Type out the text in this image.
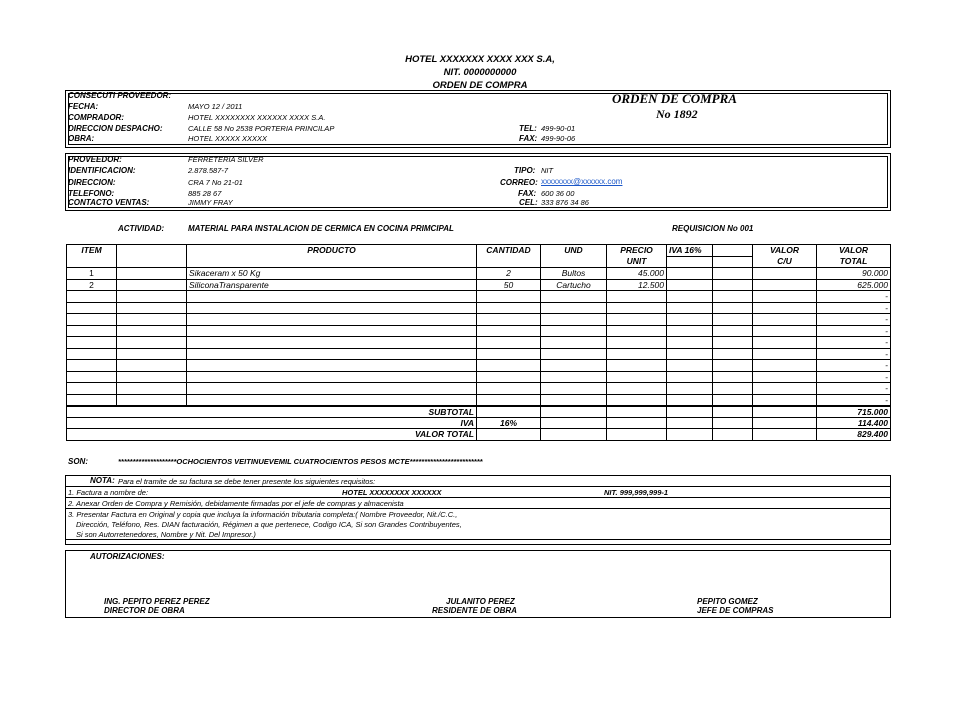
HOTEL XXXXXXX XXXX XXX S.A,
NIT. 0000000000
ORDEN DE COMPRA
CONSECUTI PROVEEDOR:
FECHA:	MAYO 12 / 2011
COMPRADOR:	HOTEL XXXXXXXX XXXXXX XXXX S.A.
DIRECCION DESPACHO:	CALLE 58 No 2538 PORTERIA PRINCILAP
OBRA:	HOTEL XXXXX XXXXX
TEL: 499-90-01
FAX: 499-90-06
ORDEN DE COMPRA
No 1892
PROVEEDOR:	FERRETERIA SILVER
IDENTIFICACION:	2.878.587-7
DIRECCION:	CRA 7 No 21-01
TELEFONO:	885 28 67
CONTACTO VENTAS:	JIMMY FRAY
TIPO: NIT
CORREO: xxxxxxxx@xxxxxx.com
FAX: 600 36 00
CEL: 333 876 34 86
ACTIVIDAD:	MATERIAL PARA INSTALACION DE CERMICA EN COCINA PRIMCIPAL	REQUISICION No 001
ITEM		PRODUCTO	CANTIDAD	UND	PRECIO	IVA 16%		VALOR	VALOR
					UNIT			C/U	TOTAL
1		Sikaceram x 50 Kg	2	Bultos	45.000				90.000
2		SiliconaTransparente	50	Cartucho	12.500				625.000
									-
									-
									-
									-
									-
									-
									-
									-
									-
									-
		SUBTOTAL							715.000
		IVA	16%						114.400
		VALOR TOTAL							829.400
SON:	********************OCHOCIENTOS VEITINUEVEMIL CUATROCIENTOS PESOS MCTE*************************
NOTA: Para el tramite de su factura se debe tener presente los siguientes requisitos:
1. Factura a nombre de:	HOTEL XXXXXXXX XXXXXX	NIT. 999,999,999-1
2. Anexar Orden de Compra y Remisión, debidamente firmadas por el jefe de compras y almacenista
3. Presentar Factura en Original y copia que incluya la información tributaria completa:( Nombre Proveedor, Nit./C.C.,
Dirección, Teléfono, Res. DIAN facturación, Régimen a que pertenece, Codigo ICA, Si son Grandes Contribuyentes,
Si son Autorretenedores, Nombre y Nit. Del Impresor.)
AUTORIZACIONES:
ING. PEPITO PEREZ PEREZ
DIRECTOR DE OBRA
JULANITO PEREZ
RESIDENTE DE OBRA
PEPITO GOMEZ
JEFE DE COMPRAS
